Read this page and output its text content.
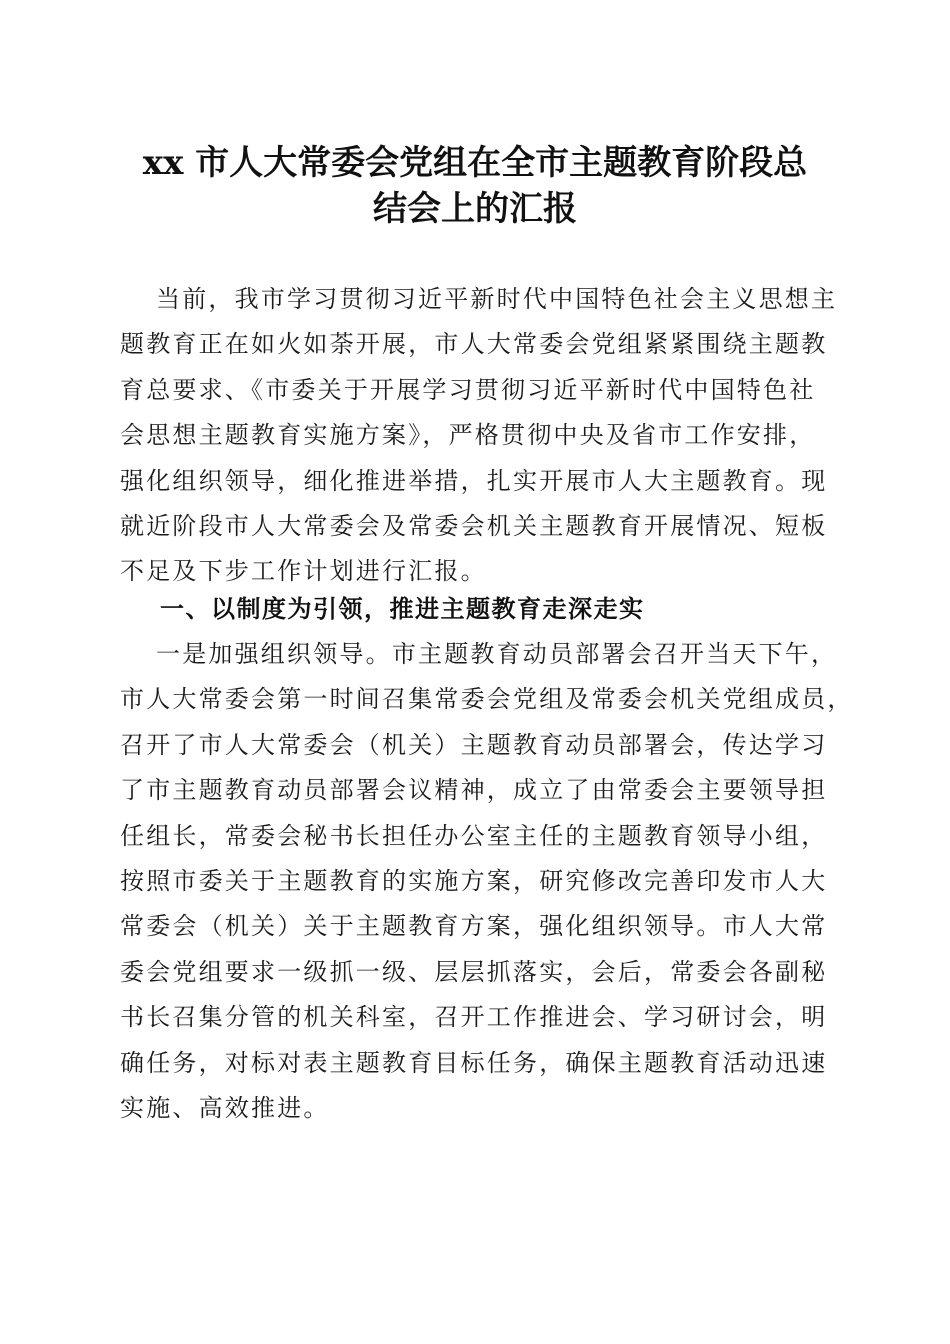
xx 市人大常委会党组在全市主题教育阶段总
结会上的汇报
当前，我市学习贯彻习近平新时代中国特色社会主义思想主
题教育正在如火如荼开展，市人大常委会党组紧紧围绕主题教
育总要求、《市委关于开展学习贯彻习近平新时代中国特色社
会思想主题教育实施方案》，严格贯彻中央及省市工作安排，
强化组织领导，细化推进举措，扎实开展市人大主题教育。现
就近阶段市人大常委会及常委会机关主题教育开展情况、短板
不足及下步工作计划进行汇报。
一、以制度为引领，推进主题教育走深走实
一是加强组织领导。市主题教育动员部署会召开当天下午，
市人大常委会第一时间召集常委会党组及常委会机关党组成员，
召开了市人大常委会（机关）主题教育动员部署会，传达学习
了市主题教育动员部署会议精神，成立了由常委会主要领导担
任组长，常委会秘书长担任办公室主任的主题教育领导小组，
按照市委关于主题教育的实施方案，研究修改完善印发市人大
常委会（机关）关于主题教育方案，强化组织领导。市人大常
委会党组要求一级抓一级、层层抓落实，会后，常委会各副秘
书长召集分管的机关科室，召开工作推进会、学习研讨会，明
确任务，对标对表主题教育目标任务，确保主题教育活动迅速
实施、高效推进。
